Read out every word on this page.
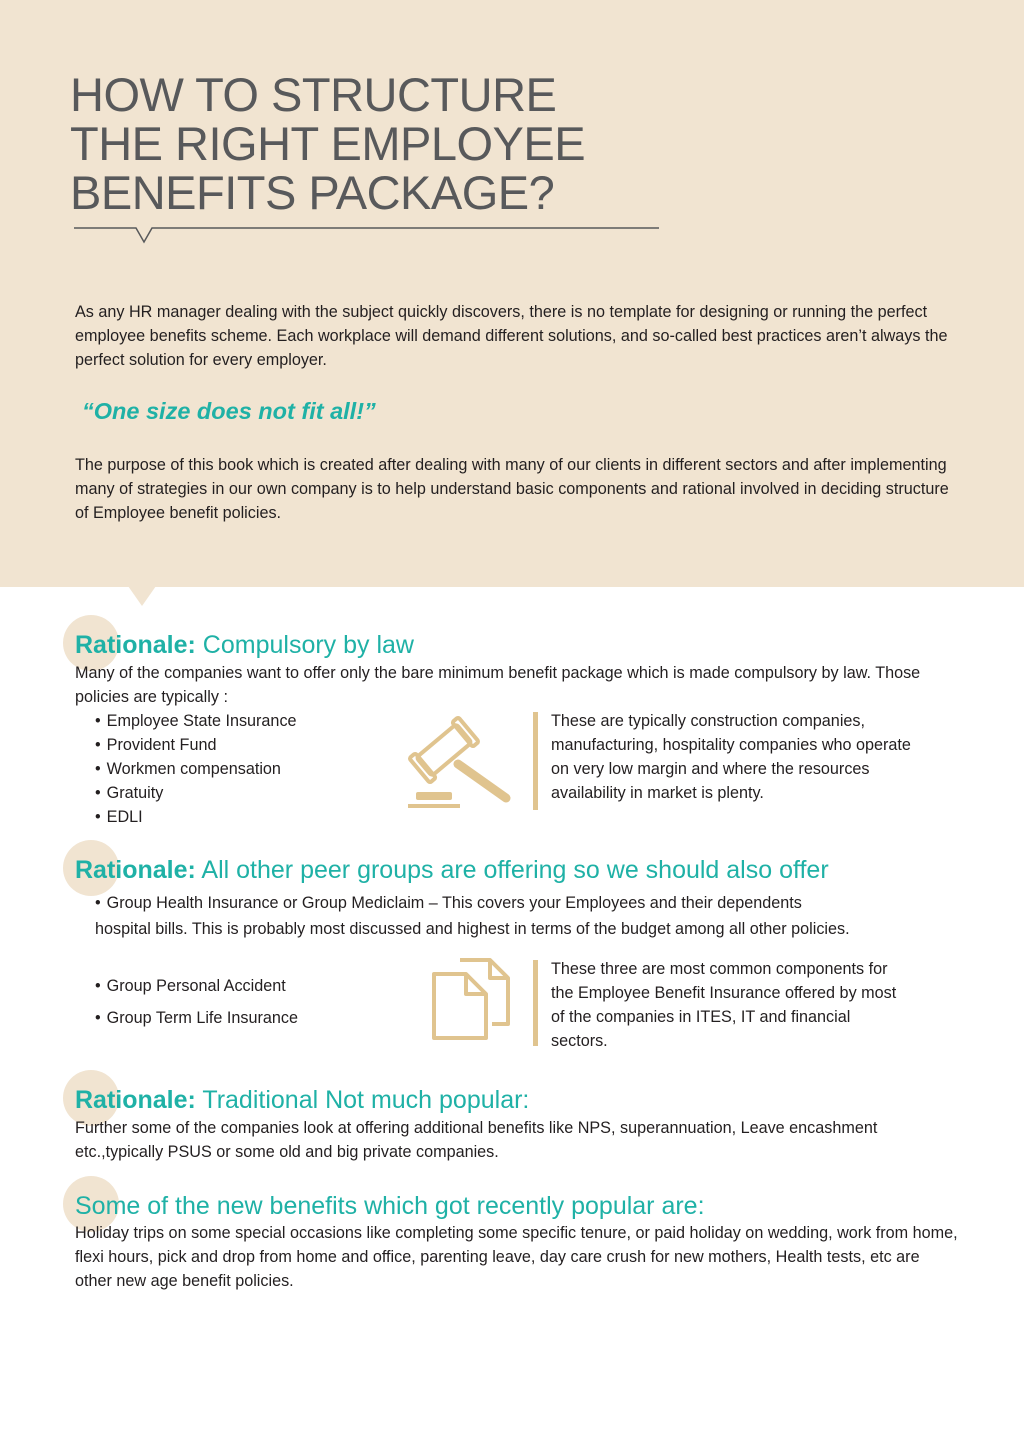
HOW TO STRUCTURE
THE RIGHT EMPLOYEE
BENEFITS PACKAGE?
As any HR manager dealing with the subject quickly discovers, there is no template for designing or running the perfect employee benefits scheme. Each workplace will demand different solutions, and so-called best practices aren’t always the perfect solution for every employer.
“One size does not fit all!”
The purpose of this book which is created after dealing with many of our clients in different sectors and after implementing many of strategies in our own company is to help understand basic components and rational involved in deciding structure of Employee benefit policies.
Rationale: Compulsory by law
Many of the companies want to offer only the bare minimum benefit package which is made compulsory by law. Those policies are typically :
• Employee State Insurance
• Provident Fund
• Workmen compensation
• Gratuity
• EDLI
These are typically construction companies, manufacturing, hospitality companies who operate on very low margin and where the resources availability in market is plenty.
Rationale: All other peer groups are offering so we should also offer
• Group Health Insurance or Group Mediclaim – This covers your Employees and their dependents
hospital bills. This is probably most discussed and highest in terms of the budget among all other policies.
• Group Personal Accident
• Group Term Life Insurance
These three are most common components for the Employee Benefit Insurance offered by most of the companies in ITES, IT and financial sectors.
Rationale: Traditional Not much popular:
Further some of the companies look at offering additional benefits like NPS, superannuation, Leave encashment etc.,typically PSUS or some old and big private companies.
Some of the new benefits which got recently popular are:
Holiday trips on some special occasions like completing some specific tenure, or paid holiday on wedding, work from home, flexi hours, pick and drop from home and office, parenting leave, day care crush for new mothers, Health tests, etc are other new age benefit policies.
